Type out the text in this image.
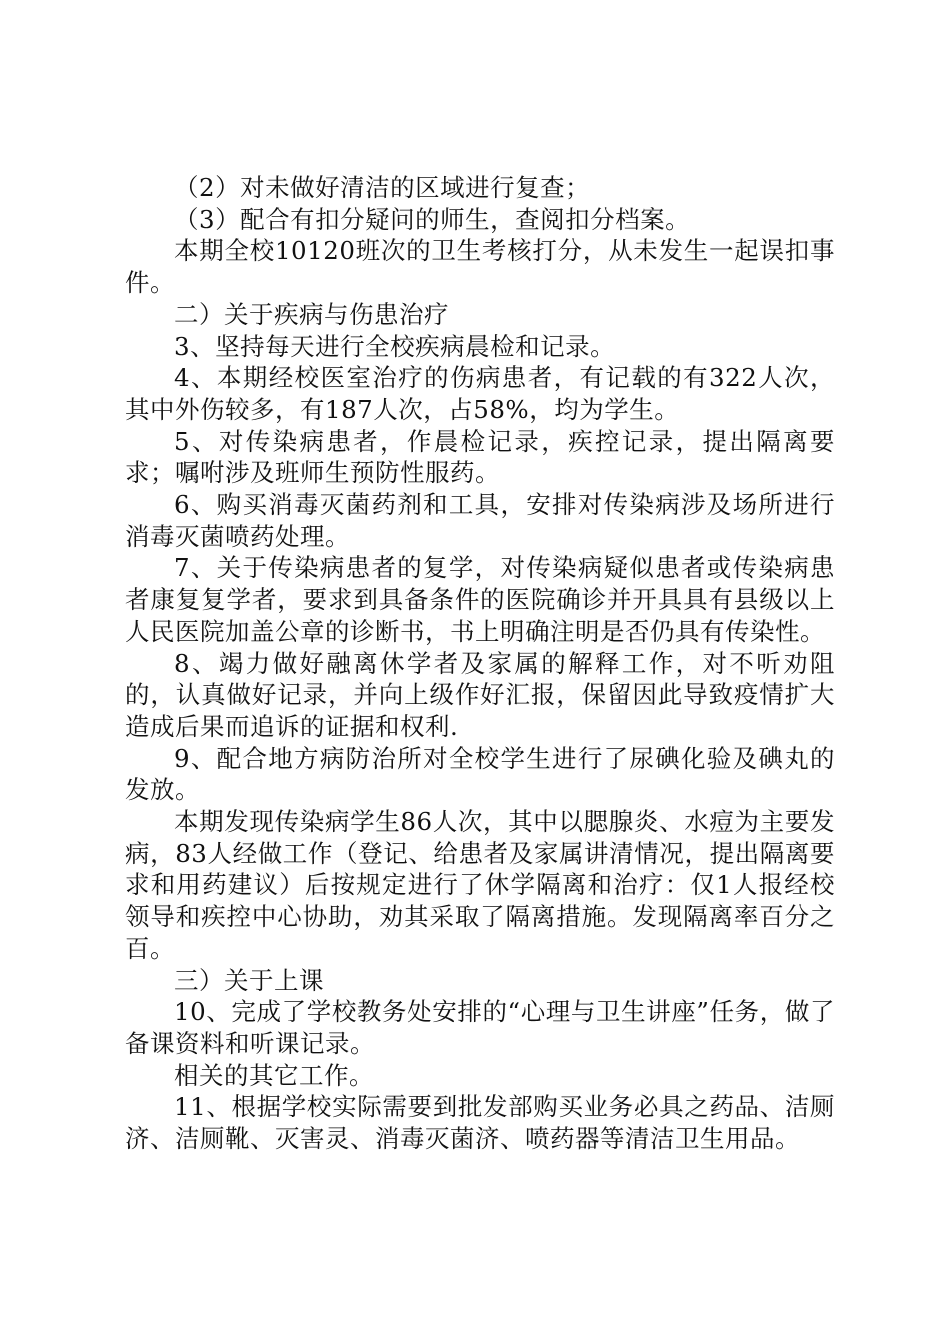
（2）对未做好清洁的区域进行复查；

（3）配合有扣分疑问的师生，查阅扣分档案。

本期全校10120班次的卫生考核打分，从未发生一起误扣事件。

二）关于疾病与伤患治疗

3、坚持每天进行全校疾病晨检和记录。

4、本期经校医室治疗的伤病患者，有记载的有322人次，其中外伤较多，有187人次，占58%，均为学生。

5、对传染病患者，作晨检记录，疾控记录，提出隔离要求；嘱咐涉及班师生预防性服药。

6、购买消毒灭菌药剂和工具，安排对传染病涉及场所进行消毒灭菌喷药处理。

7、关于传染病患者的复学，对传染病疑似患者或传染病患者康复复学者，要求到具备条件的医院确诊并开具具有县级以上人民医院加盖公章的诊断书，书上明确注明是否仍具有传染性。

8、竭力做好融离休学者及家属的解释工作，对不听劝阻的，认真做好记录，并向上级作好汇报，保留因此导致疫情扩大造成后果而追诉的证据和权利.

9、配合地方病防治所对全校学生进行了尿碘化验及碘丸的发放。

本期发现传染病学生86人次，其中以腮腺炎、水痘为主要发病，83人经做工作（登记、给患者及家属讲清情况，提出隔离要求和用药建议）后按规定进行了休学隔离和治疗：仅1人报经校领导和疾控中心协助，劝其采取了隔离措施。发现隔离率百分之百。

三）关于上课

10、完成了学校教务处安排的“心理与卫生讲座”任务，做了备课资料和听课记录。

相关的其它工作。

11、根据学校实际需要到批发部购买业务必具之药品、洁厕济、洁厕靴、灭害灵、消毒灭菌济、喷药器等清洁卫生用品。
